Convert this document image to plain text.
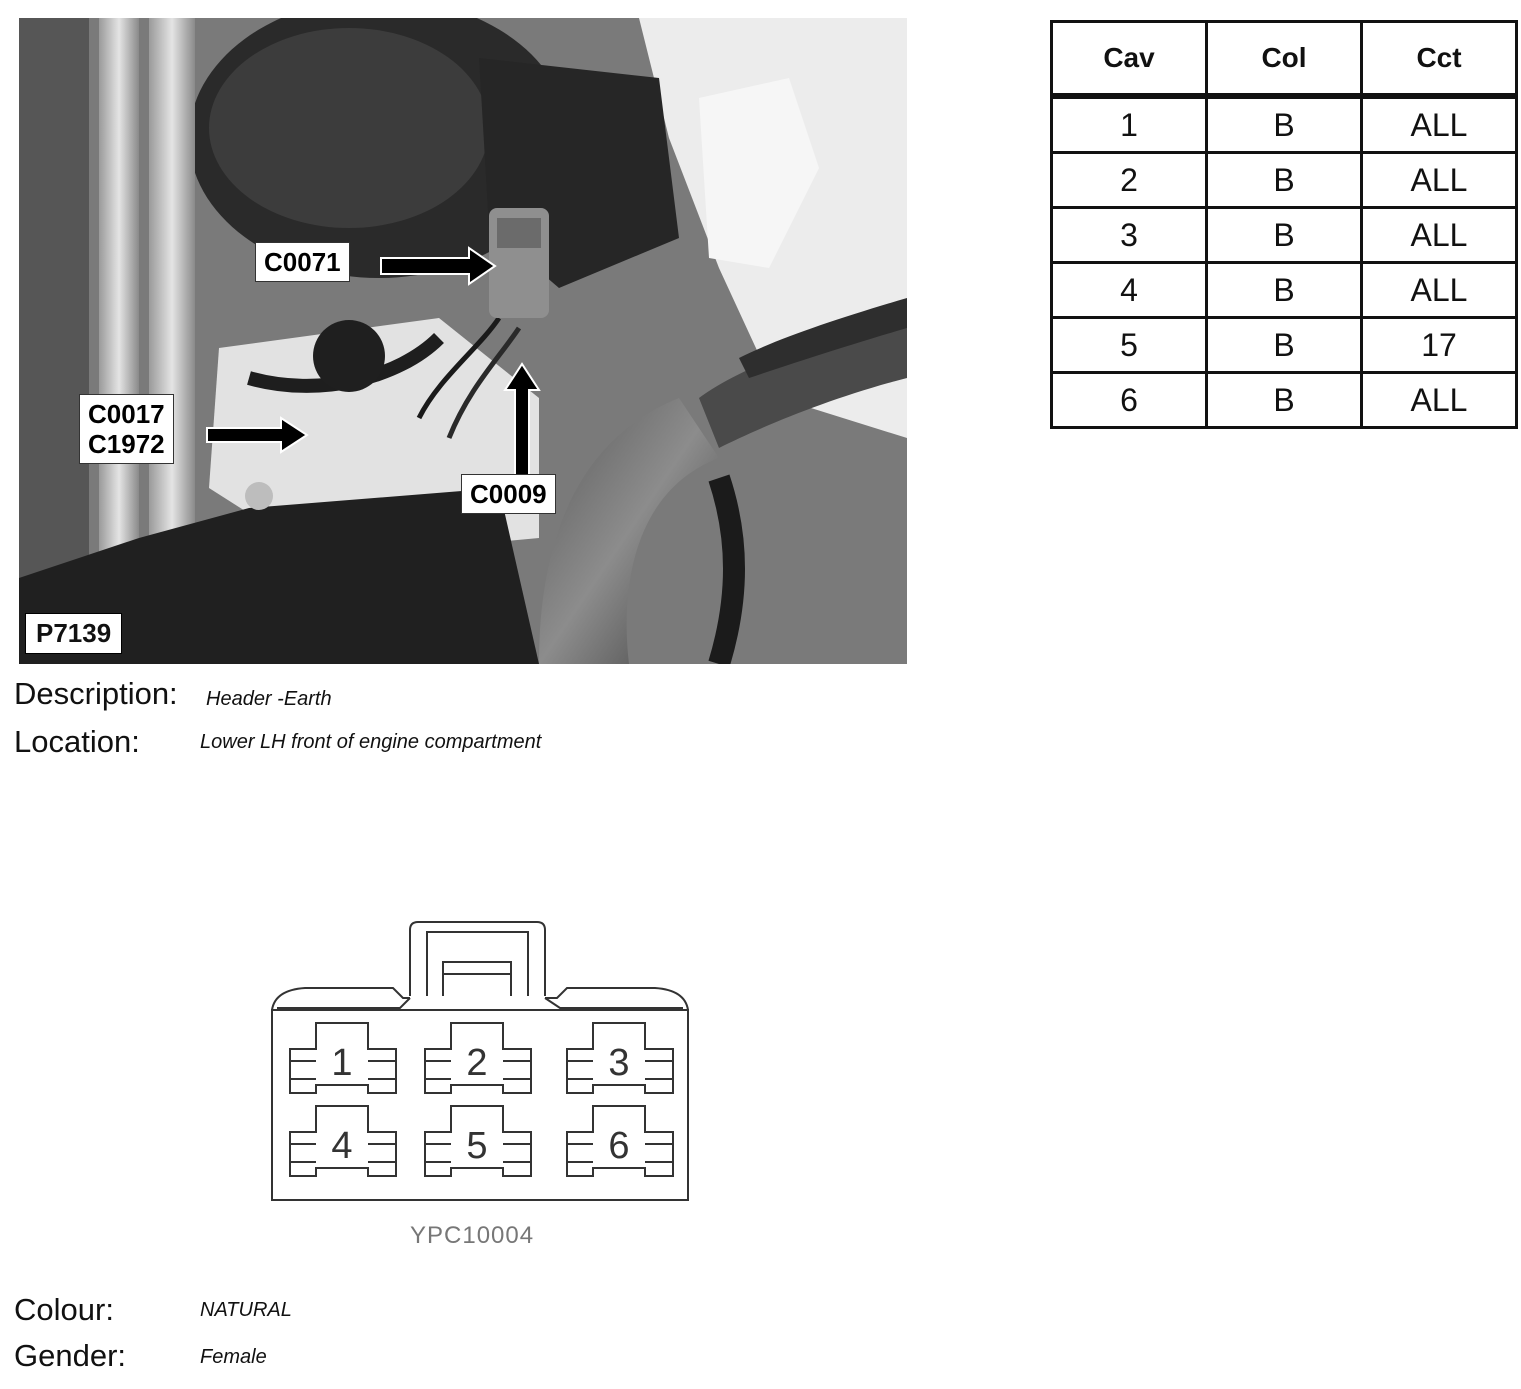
C0071
C0017
C1972
C0009
P7139
Cav	Col	Cct
1	B	ALL
2	B	ALL
3	B	ALL
4	B	ALL
5	B	17
6	B	ALL
Description: Header -Earth
Location:	Lower LH front of engine compartment
1	2	3
4	5	6
YPC10004
Colour:	NATURAL
Gender:	Female
